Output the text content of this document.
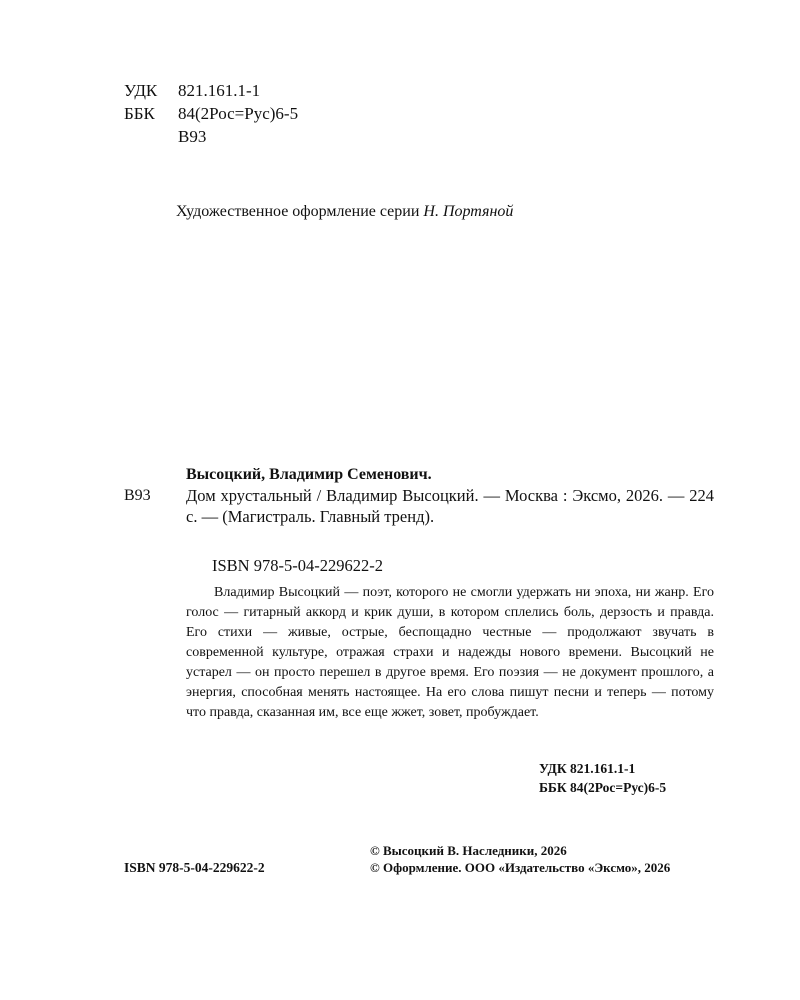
УДК 821.161.1-1
ББК 84(2Рос=Рус)6-5
В93
Художественное оформление серии Н. Портяной
Высоцкий, Владимир Семенович.
В93 Дом хрустальный / Владимир Высоцкий. — Москва : Эксмо, 2026. — 224 с. — (Магистраль. Главный тренд).
ISBN 978-5-04-229622-2
Владимир Высоцкий — поэт, которого не смогли удержать ни эпоха, ни жанр. Его голос — гитарный аккорд и крик души, в котором сплелись боль, дерзость и правда. Его стихи — живые, острые, беспощадно честные — продолжают звучать в современной культуре, отражая страхи и надежды нового времени. Высоцкий не устарел — он просто перешел в другое время. Его поэзия — не документ прошлого, а энергия, способная менять настоящее. На его слова пишут песни и теперь — потому что правда, сказанная им, все еще жжет, зовет, пробуждает.
УДК 821.161.1-1
ББК 84(2Рос=Рус)6-5
ISBN 978-5-04-229622-2
© Высоцкий В. Наследники, 2026
© Оформление. ООО «Издательство «Эксмо», 2026
